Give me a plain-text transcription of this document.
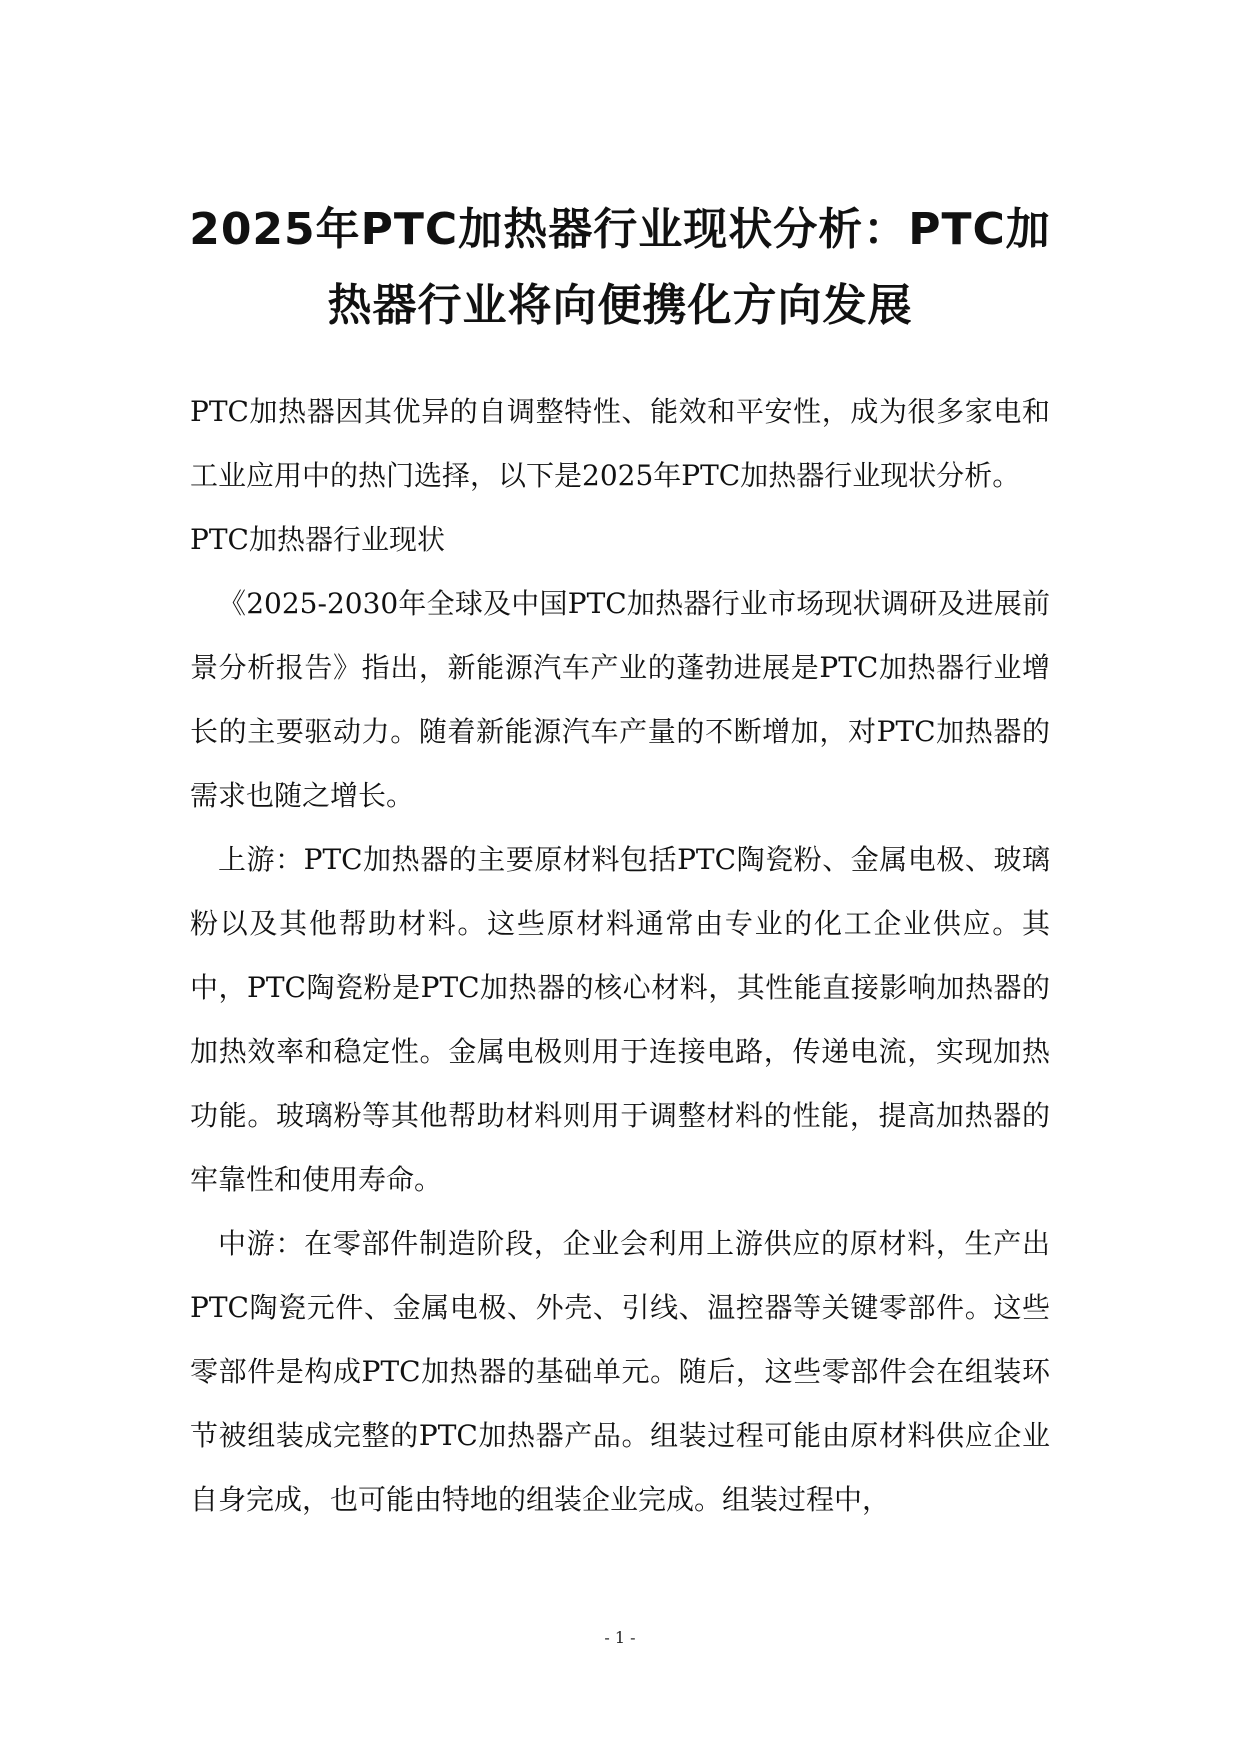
2025年PTC加热器行业现状分析：PTC加
热器行业将向便携化方向发展

PTC加热器因其优异的自调整特性、能效和平安性，成为很多家电和工业应用中的热门选择，以下是2025年PTC加热器行业现状分析。

PTC加热器行业现状

《2025-2030年全球及中国PTC加热器行业市场现状调研及进展前景分析报告》指出，新能源汽车产业的蓬勃进展是PTC加热器行业增长的主要驱动力。随着新能源汽车产量的不断增加，对PTC加热器的需求也随之增长。

上游：PTC加热器的主要原材料包括PTC陶瓷粉、金属电极、玻璃粉以及其他帮助材料。这些原材料通常由专业的化工企业供应。其中，PTC陶瓷粉是PTC加热器的核心材料，其性能直接影响加热器的加热效率和稳定性。金属电极则用于连接电路，传递电流，实现加热功能。玻璃粉等其他帮助材料则用于调整材料的性能，提高加热器的牢靠性和使用寿命。

中游：在零部件制造阶段，企业会利用上游供应的原材料，生产出PTC陶瓷元件、金属电极、外壳、引线、温控器等关键零部件。这些零部件是构成PTC加热器的基础单元。随后，这些零部件会在组装环节被组装成完整的PTC加热器产品。组装过程可能由原材料供应企业自身完成，也可能由特地的组装企业完成。组装过程中，

- 1 -
